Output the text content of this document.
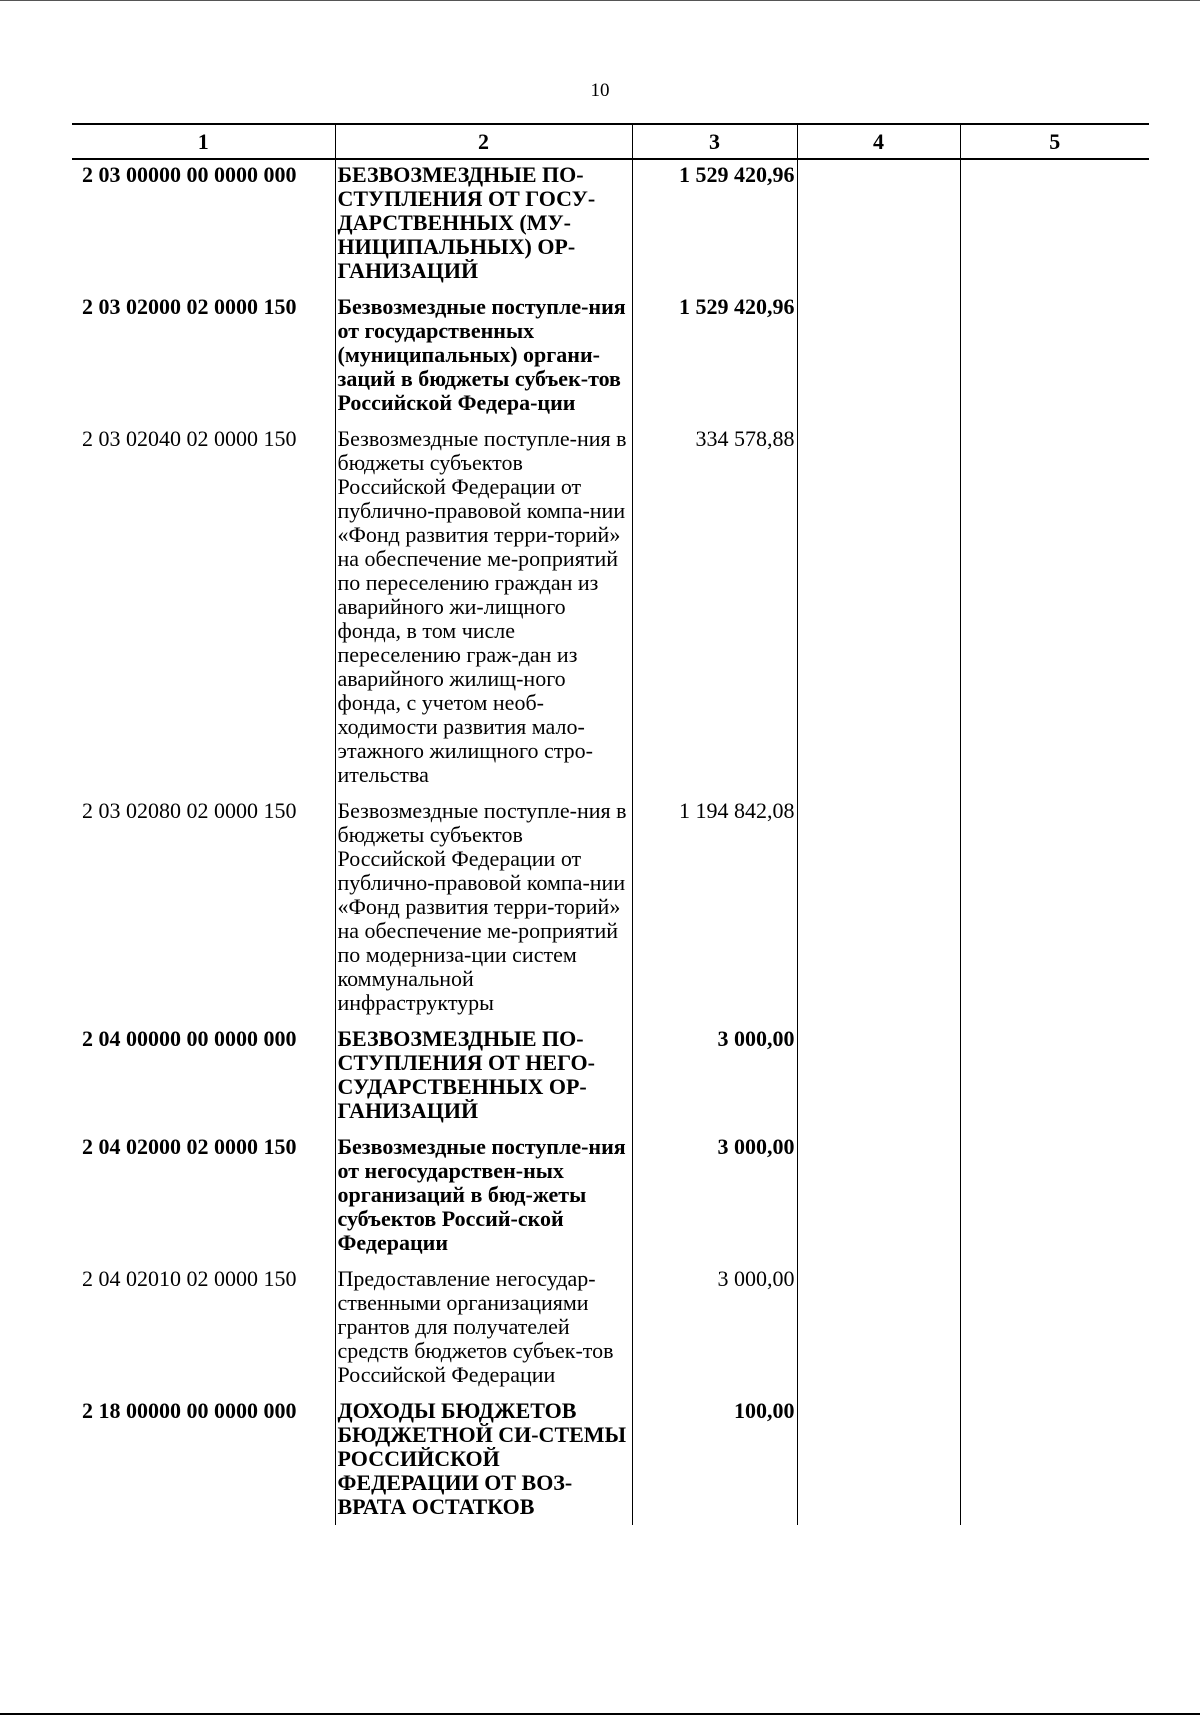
10
1	2	3	4	5
2 03 00000 00 0000 000	БЕЗВОЗМЕЗДНЫЕ ПО-СТУПЛЕНИЯ ОТ ГОСУ-ДАРСТВЕННЫХ (МУ-НИЦИПАЛЬНЫХ) ОР-ГАНИЗАЦИЙ	1 529 420,96		
2 03 02000 02 0000 150	Безвозмездные поступле-ния от государственных (муниципальных) органи-заций в бюджеты субъек-тов Российской Федера-ции	1 529 420,96		
2 03 02040 02 0000 150	Безвозмездные поступле-ния в бюджеты субъектов Российской Федерации от публично-правовой компа-нии «Фонд развития терри-торий» на обеспечение ме-роприятий по переселению граждан из аварийного жи-лищного фонда, в том числе переселению граж-дан из аварийного жилищ-ного фонда, с учетом необ-ходимости развития мало-этажного жилищного стро-ительства	334 578,88		
2 03 02080 02 0000 150	Безвозмездные поступле-ния в бюджеты субъектов Российской Федерации от публично-правовой компа-нии «Фонд развития терри-торий» на обеспечение ме-роприятий по модерниза-ции систем коммунальной инфраструктуры	1 194 842,08		
2 04 00000 00 0000 000	БЕЗВОЗМЕЗДНЫЕ ПО-СТУПЛЕНИЯ ОТ НЕГО-СУДАРСТВЕННЫХ ОР-ГАНИЗАЦИЙ	3 000,00		
2 04 02000 02 0000 150	Безвозмездные поступле-ния от негосударствен-ных организаций в бюд-жеты субъектов Россий-ской Федерации	3 000,00		
2 04 02010 02 0000 150	Предоставление негосудар-ственными организациями грантов для получателей средств бюджетов субъек-тов Российской Федерации	3 000,00		
2 18 00000 00 0000 000	ДОХОДЫ БЮДЖЕТОВ БЮДЖЕТНОЙ СИ-СТЕМЫ РОССИЙСКОЙ ФЕДЕРАЦИИ ОТ ВОЗ-ВРАТА ОСТАТКОВ	100,00		
